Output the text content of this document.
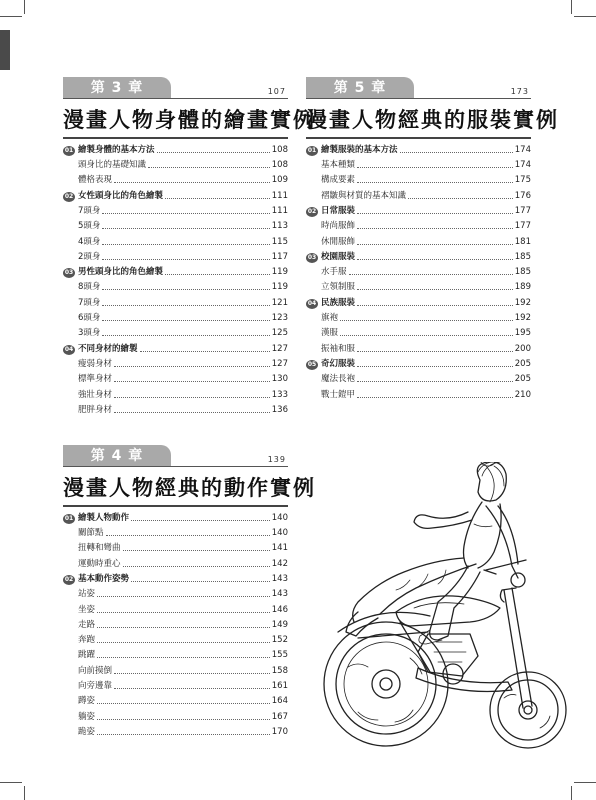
第 3 章	107
漫畫人物身體的繪畫實例
01 繪製身體的基本方法	108
頭身比的基礎知識	108
體格表現	109
02 女性頭身比的角色繪製	111
7頭身	111
5頭身	113
4頭身	115
2頭身	117
03 男性頭身比的角色繪製	119
8頭身	119
7頭身	121
6頭身	123
3頭身	125
04 不同身材的繪製	127
瘦弱身材	127
標準身材	130
強壯身材	133
肥胖身材	136
第 5 章	173
漫畫人物經典的服裝實例
01 繪製服裝的基本方法	174
基本種類	174
構成要素	175
褶皺與材質的基本知識	176
02 日常服裝	177
時尚服飾	177
休閒服飾	181
03 校園服裝	185
水手服	185
立領制服	189
04 民族服裝	192
旗袍	192
漢服	195
振袖和服	200
05 奇幻服裝	205
魔法長袍	205
戰士鎧甲	210
第 4 章	139
漫畫人物經典的動作實例
01 繪製人物動作	140
關節點	140
扭轉和彎曲	141
運動時重心	142
02 基本動作姿勢	143
站姿	143
坐姿	146
走路	149
奔跑	152
跳躍	155
向前摸倒	158
向旁邊靠	161
蹲姿	164
躺姿	167
跪姿	170
